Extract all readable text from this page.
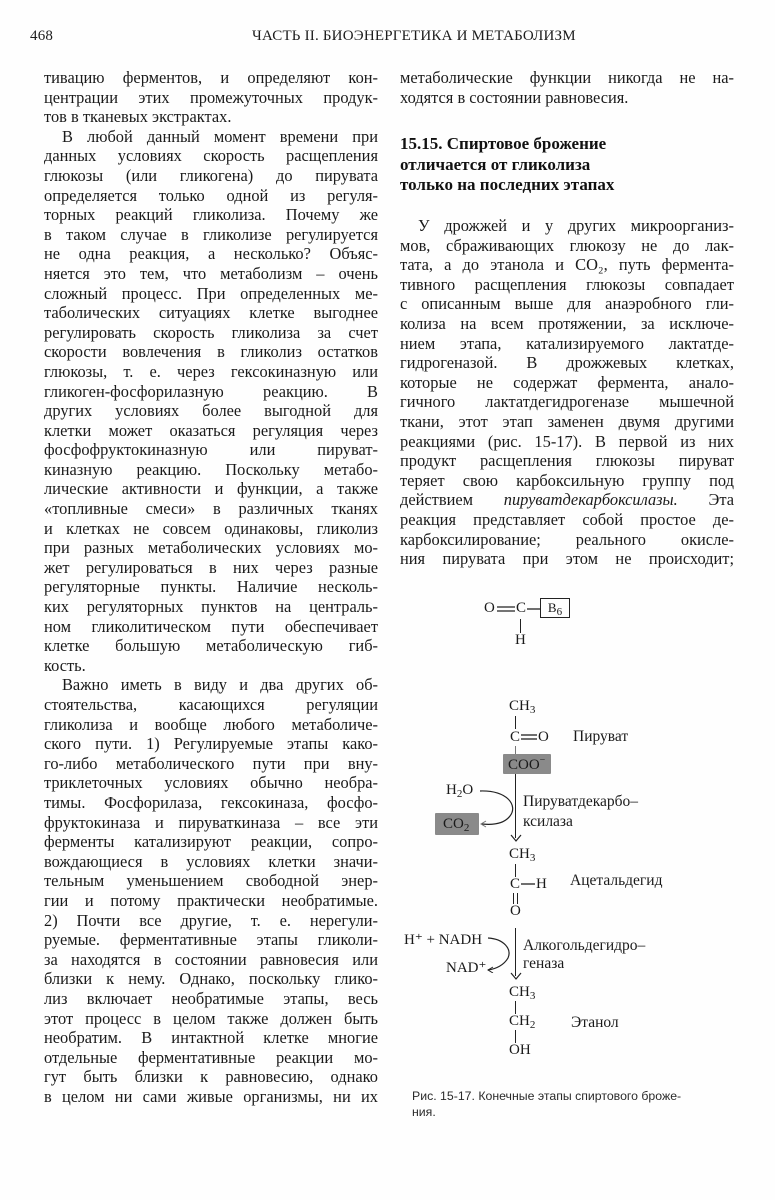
468	ЧАСТЬ II. БИОЭНЕРГЕТИКА И МЕТАБОЛИЗМ
тивацию ферментов, и определяют кон-
центрации этих промежуточных продук-
тов в тканевых экстрактах.
В любой данный момент времени при
данных условиях скорость расщепления
глюкозы (или гликогена) до пирувата
определяется только одной из регуля-
торных реакций гликолиза. Почему же
в таком случае в гликолизе регулируется
не одна реакция, а несколько? Объяс-
няется это тем, что метаболизм – очень
сложный процесс. При определенных ме-
таболических ситуациях клетке выгоднее
регулировать скорость гликолиза за счет
скорости вовлечения в гликолиз остатков
глюкозы, т. е. через гексокиназную или
гликоген-фосфорилазную реакцию. В
других условиях более выгодной для
клетки может оказаться регуляция через
фосфофруктокиназную или пируват-
киназную реакцию. Поскольку метабо-
лические активности и функции, а также
«топливные смеси» в различных тканях
и клетках не совсем одинаковы, гликолиз
при разных метаболических условиях мо-
жет регулироваться в них через разные
регуляторные пункты. Наличие несколь-
ких регуляторных пунктов на централь-
ном гликолитическом пути обеспечивает
клетке большую метаболическую гиб-
кость.
Важно иметь в виду и два других об-
стоятельства, касающихся регуляции
гликолиза и вообще любого метаболиче-
ского пути. 1) Регулируемые этапы како-
го-либо метаболического пути при вну-
триклеточных условиях обычно необра-
тимы. Фосфорилаза, гексокиназа, фосфо-
фруктокиназа и пируваткиназа – все эти
ферменты катализируют реакции, сопро-
вождающиеся в условиях клетки значи-
тельным уменьшением свободной энер-
гии и потому практически необратимые.
2) Почти все другие, т. е. нерегули-
руемые. ферментативные этапы гликоли-
за находятся в состоянии равновесия или
близки к нему. Однако, поскольку глико-
лиз включает необратимые этапы, весь
этот процесс в целом также должен быть
необратим. В интактной клетке многие
отдельные ферментативные реакции мо-
гут быть близки к равновесию, однако
в целом ни сами живые организмы, ни их
метаболические функции никогда не на-
ходятся в состоянии равновесия.
15.15. Спиртовое брожение
отличается от гликолиза
только на последних этапах
У дрожжей и у других микроорганиз-
мов, сбраживающих глюкозу не до лак-
тата, а до этанола и CO₂, путь фермента-
тивного расщепления глюкозы совпадает
с описанным выше для анаэробного гли-
колиза на всем протяжении, за исключе-
нием этапа, катализируемого лактатде-
гидрогеназой. В дрожжевых клетках,
которые не содержат фермента, анало-
гичного лактатдегидрогеназе мышечной
ткани, этот этап заменен двумя другими
реакциями (рис. 15-17). В первой из них
продукт расщепления глюкозы пируват
теряет свою карбоксильную группу под
действием пируватдекарбоксилазы. Эта
реакция представляет собой простое де-
карбоксилирование; реального окисле-
ния пирувата при этом не происходит;
O C	$B_6$
H
$CH_3$
C O
COO−
Пируват
$H_2O$
$CO_2$
Пируватдекарбо–
ксилаза
$CH_3$
C H
O
Ацетальдегид
H⁺ + NADH
NAD⁺
Алкогольдегидро–
геназа
$CH_3$
$CH_2$
OH
Этанол
Рис. 15-17. Конечные этапы спиртового броже-
ния.
